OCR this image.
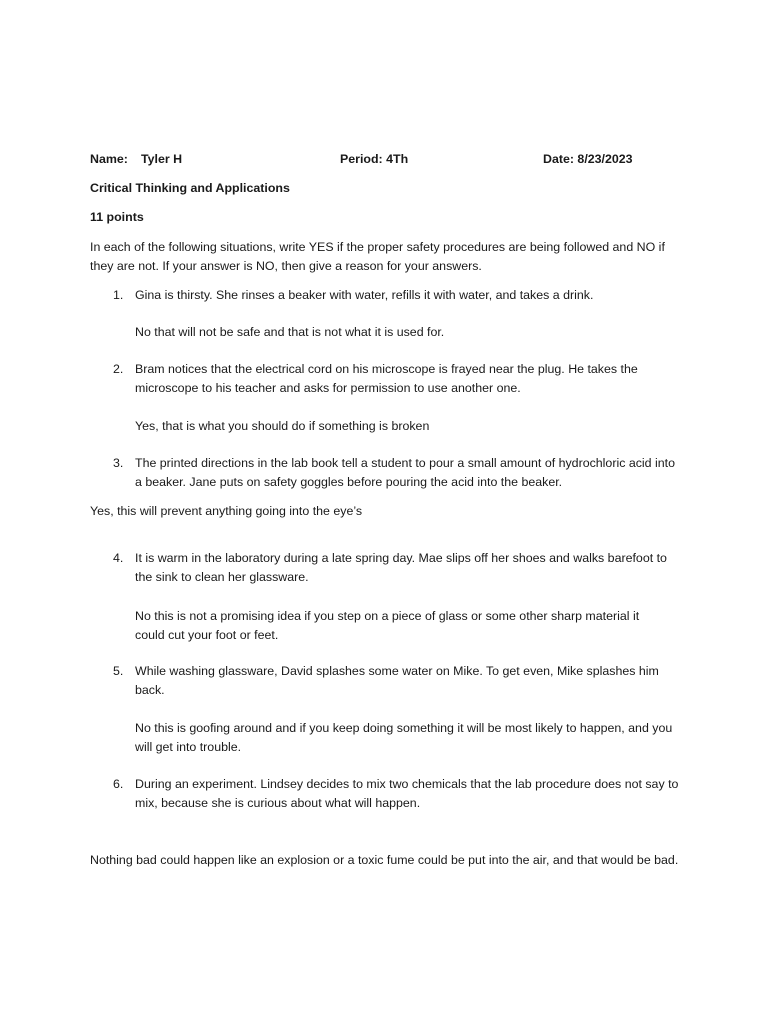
Name: Tyler H	Period: 4Th	Date: 8/23/2023
Critical Thinking and Applications
11 points
In each of the following situations, write YES if the proper safety procedures are being followed and NO if they are not. If your answer is NO, then give a reason for your answers.
1. Gina is thirsty. She rinses a beaker with water, refills it with water, and takes a drink.
No that will not be safe and that is not what it is used for.
2. Bram notices that the electrical cord on his microscope is frayed near the plug. He takes the microscope to his teacher and asks for permission to use another one.
Yes, that is what you should do if something is broken
3. The printed directions in the lab book tell a student to pour a small amount of hydrochloric acid into a beaker. Jane puts on safety goggles before pouring the acid into the beaker.
Yes, this will prevent anything going into the eye’s
4. It is warm in the laboratory during a late spring day. Mae slips off her shoes and walks barefoot to the sink to clean her glassware.
No this is not a promising idea if you step on a piece of glass or some other sharp material it could cut your foot or feet.
5. While washing glassware, David splashes some water on Mike. To get even, Mike splashes him back.
No this is goofing around and if you keep doing something it will be most likely to happen, and you will get into trouble.
6. During an experiment. Lindsey decides to mix two chemicals that the lab procedure does not say to mix, because she is curious about what will happen.
Nothing bad could happen like an explosion or a toxic fume could be put into the air, and that would be bad.
